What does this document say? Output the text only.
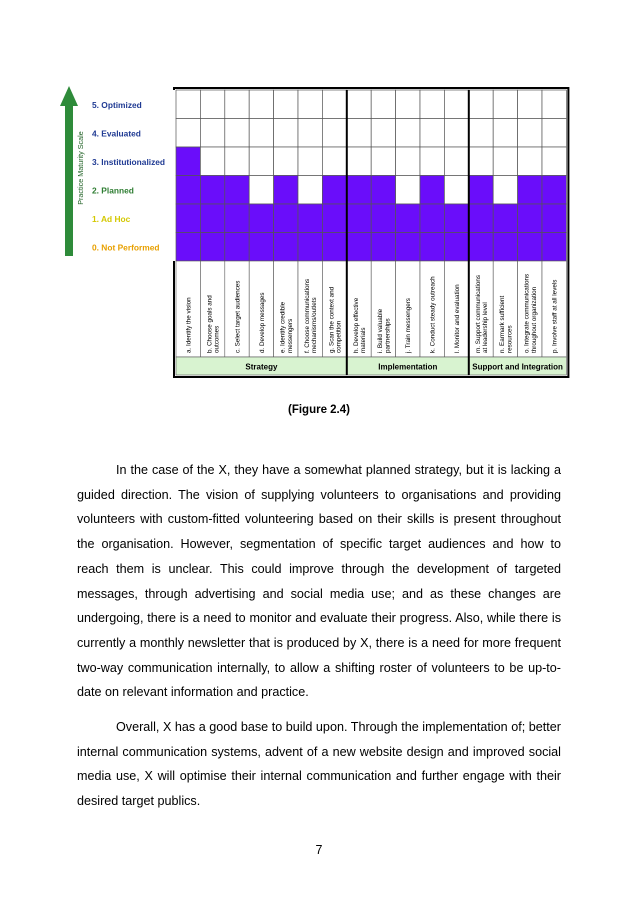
5. Optimized
4. Evaluated
3. Institutionalized
2. Planned
1. Ad Hoc
0. Not Performed
a. Identify the vision b. Choose goals andoutcomes c. Select target audiences	d. Develop messages e. Identify crediblemessengers f. Choose communicationsmechanisms/outlets g. Scan the context andcompetition h. Develop effectivematerials i. Build valuablepartnerships j. Train messengers	k. Conduct steady outreach	l. Monitor and evaluation m. Support communicationsat leadership level n. Earmark sufficientresources o. Integrate communicationsthroughout organization p. Involve staff at all levels
Strategy	Implementation	Support and Integration
Practice Maturity Scale
(Figure 2.4)

In the case of the X, they have a somewhat planned strategy, but it is lacking a guided direction. The vision of supplying volunteers to organisations and providing volunteers with custom-fitted volunteering based on their skills is present throughout the organisation. However, segmentation of specific target audiences and how to reach them is unclear. This could improve through the development of targeted messages, through advertising and social media use; and as these changes are undergoing, there is a need to monitor and evaluate their progress. Also, while there is currently a monthly newsletter that is produced by X, there is a need for more frequent two-way communication internally, to allow a shifting roster of volunteers to be up-to-date on relevant information and practice.

Overall, X has a good base to build upon. Through the implementation of; better internal communication systems, advent of a new website design and improved social media use, X will optimise their internal communication and further engage with their desired target publics.

7
